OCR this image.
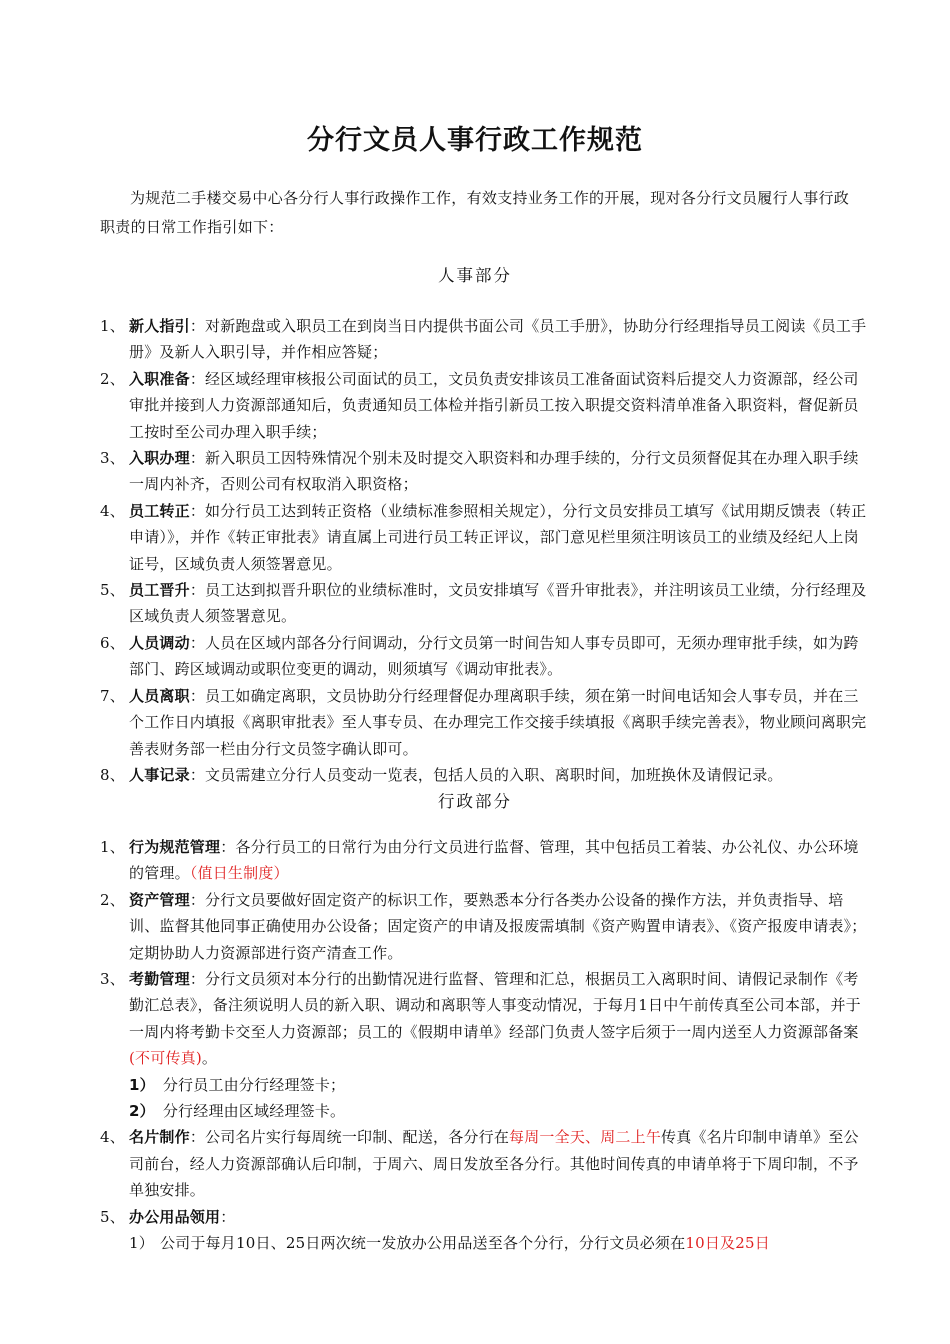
分行文员人事行政工作规范
为规范二手楼交易中心各分行人事行政操作工作，有效支持业务工作的开展，现对各分行文员履行人事行政职责的日常工作指引如下：
人事部分
1、 新人指引：对新跑盘或入职员工在到岗当日内提供书面公司《员工手册》，协助分行经理指导员工阅读《员工手册》及新人入职引导，并作相应答疑；
2、 入职准备：经区域经理审核报公司面试的员工，文员负责安排该员工准备面试资料后提交人力资源部，经公司审批并接到人力资源部通知后，负责通知员工体检并指引新员工按入职提交资料清单准备入职资料，督促新员工按时至公司办理入职手续；
3、 入职办理：新入职员工因特殊情况个别未及时提交入职资料和办理手续的，分行文员须督促其在办理入职手续一周内补齐，否则公司有权取消入职资格；
4、 员工转正：如分行员工达到转正资格（业绩标准参照相关规定），分行文员安排员工填写《试用期反馈表（转正申请）》，并作《转正审批表》请直属上司进行员工转正评议，部门意见栏里须注明该员工的业绩及经纪人上岗证号，区域负责人须签署意见。
5、 员工晋升：员工达到拟晋升职位的业绩标准时，文员安排填写《晋升审批表》，并注明该员工业绩，分行经理及区域负责人须签署意见。
6、 人员调动：人员在区域内部各分行间调动，分行文员第一时间告知人事专员即可，无须办理审批手续，如为跨部门、跨区域调动或职位变更的调动，则须填写《调动审批表》。
7、 人员离职：员工如确定离职，文员协助分行经理督促办理离职手续，须在第一时间电话知会人事专员，并在三个工作日内填报《离职审批表》至人事专员、在办理完工作交接手续填报《离职手续完善表》，物业顾问离职完善表财务部一栏由分行文员签字确认即可。
8、 人事记录：文员需建立分行人员变动一览表，包括人员的入职、离职时间，加班换休及请假记录。
行政部分
1、 行为规范管理：各分行员工的日常行为由分行文员进行监督、管理，其中包括员工着装、办公礼仪、办公环境的管理。（值日生制度）
2、 资产管理：分行文员要做好固定资产的标识工作，要熟悉本分行各类办公设备的操作方法，并负责指导、培训、监督其他同事正确使用办公设备；固定资产的申请及报废需填制《资产购置申请表》、《资产报废申请表》；定期协助人力资源部进行资产清查工作。
3、 考勤管理：分行文员须对本分行的出勤情况进行监督、管理和汇总，根据员工入离职时间、请假记录制作《考勤汇总表》，备注须说明人员的新入职、调动和离职等人事变动情况，于每月1日中午前传真至公司本部，并于一周内将考勤卡交至人力资源部；员工的《假期申请单》经部门负责人签字后须于一周内送至人力资源部备案(不可传真)。
1） 分行员工由分行经理签卡；
2） 分行经理由区域经理签卡。
4、 名片制作：公司名片实行每周统一印制、配送，各分行在每周一全天、周二上午传真《名片印制申请单》至公司前台，经人力资源部确认后印制，于周六、周日发放至各分行。其他时间传真的申请单将于下周印制，不予单独安排。
5、 办公用品领用：
1） 公司于每月10日、25日两次统一发放办公用品送至各个分行，分行文员必须在10日及25日
